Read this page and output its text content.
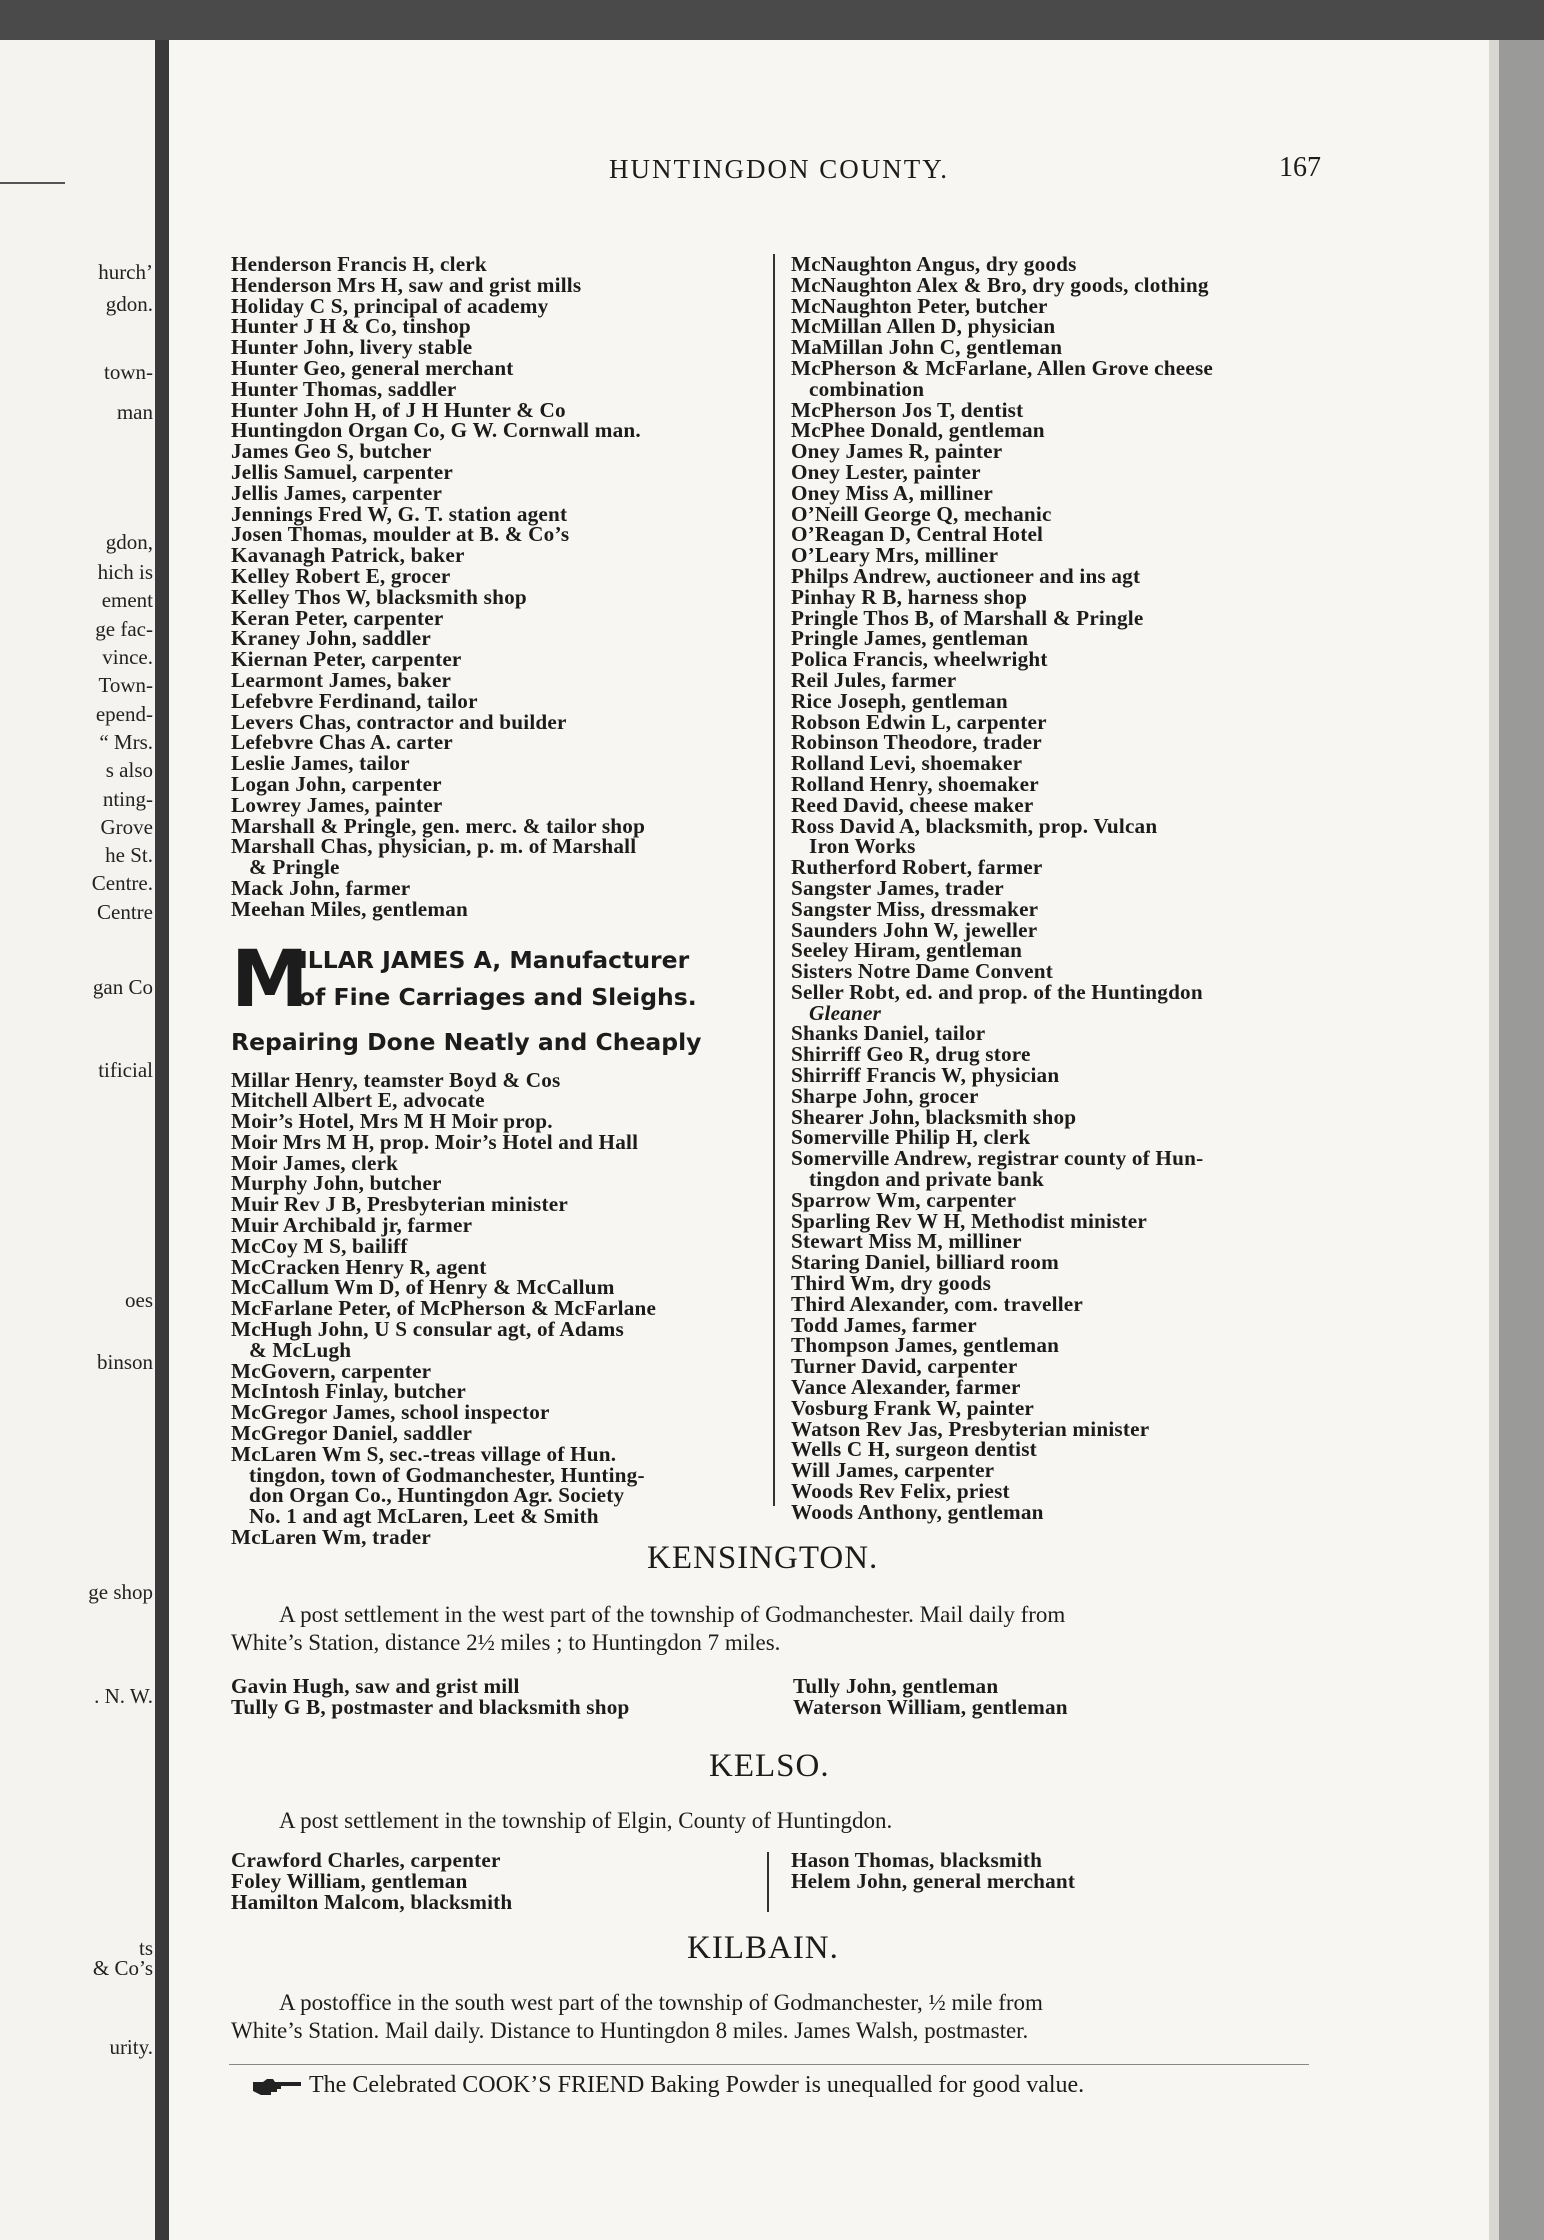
hurch’
gdon.
town-
man
gdon,
hich is
ement
ge fac-
vince.
Town-
epend-
“ Mrs.
s also
nting-
Grove
he St.
Centre.
Centre
gan Co
tificial
oes
binson
ge shop
. N. W.
ts
& Co’s
urity.
HUNTINGDON COUNTY.	167
Henderson Francis H, clerk
Henderson Mrs H, saw and grist mills
Holiday C S, principal of academy
Hunter J H & Co, tinshop
Hunter John, livery stable
Hunter Geo, general merchant
Hunter Thomas, saddler
Hunter John H, of J H Hunter & Co
Huntingdon Organ Co, G W. Cornwall man.
James Geo S, butcher
Jellis Samuel, carpenter
Jellis James, carpenter
Jennings Fred W, G. T. station agent
Josen Thomas, moulder at B. & Co’s
Kavanagh Patrick, baker
Kelley Robert E, grocer
Kelley Thos W, blacksmith shop
Keran Peter, carpenter
Kraney John, saddler
Kiernan Peter, carpenter
Learmont James, baker
Lefebvre Ferdinand, tailor
Levers Chas, contractor and builder
Lefebvre Chas A. carter
Leslie James, tailor
Logan John, carpenter
Lowrey James, painter
Marshall & Pringle, gen. merc. & tailor shop
Marshall Chas, physician, p. m. of Marshall
& Pringle
Mack John, farmer
Meehan Miles, gentleman
M
ILLAR JAMES A, Manufacturer
of Fine Carriages and Sleighs.
Repairing Done Neatly and Cheaply
Millar Henry, teamster Boyd & Cos
Mitchell Albert E, advocate
Moir’s Hotel, Mrs M H Moir prop.
Moir Mrs M H, prop. Moir’s Hotel and Hall
Moir James, clerk
Murphy John, butcher
Muir Rev J B, Presbyterian minister
Muir Archibald jr, farmer
McCoy M S, bailiff
McCracken Henry R, agent
McCallum Wm D, of Henry & McCallum
McFarlane Peter, of McPherson & McFarlane
McHugh John, U S consular agt, of Adams
& McLugh
McGovern, carpenter
McIntosh Finlay, butcher
McGregor James, school inspector
McGregor Daniel, saddler
McLaren Wm S, sec.-treas village of Hun.
tingdon, town of Godmanchester, Hunting-
don Organ Co., Huntingdon Agr. Society
No. 1 and agt McLaren, Leet & Smith
McLaren Wm, trader
McNaughton Angus, dry goods
McNaughton Alex & Bro, dry goods, clothing
McNaughton Peter, butcher
McMillan Allen D, physician
MaMillan John C, gentleman
McPherson & McFarlane, Allen Grove cheese
combination
McPherson Jos T, dentist
McPhee Donald, gentleman
Oney James R, painter
Oney Lester, painter
Oney Miss A, milliner
O’Neill George Q, mechanic
O’Reagan D, Central Hotel
O’Leary Mrs, milliner
Philps Andrew, auctioneer and ins agt
Pinhay R B, harness shop
Pringle Thos B, of Marshall & Pringle
Pringle James, gentleman
Polica Francis, wheelwright
Reil Jules, farmer
Rice Joseph, gentleman
Robson Edwin L, carpenter
Robinson Theodore, trader
Rolland Levi, shoemaker
Rolland Henry, shoemaker
Reed David, cheese maker
Ross David A, blacksmith, prop. Vulcan
Iron Works
Rutherford Robert, farmer
Sangster James, trader
Sangster Miss, dressmaker
Saunders John W, jeweller
Seeley Hiram, gentleman
Sisters Notre Dame Convent
Seller Robt, ed. and prop. of the Huntingdon
Gleaner
Shanks Daniel, tailor
Shirriff Geo R, drug store
Shirriff Francis W, physician
Sharpe John, grocer
Shearer John, blacksmith shop
Somerville Philip H, clerk
Somerville Andrew, registrar county of Hun-
tingdon and private bank
Sparrow Wm, carpenter
Sparling Rev W H, Methodist minister
Stewart Miss M, milliner
Staring Daniel, billiard room
Third Wm, dry goods
Third Alexander, com. traveller
Todd James, farmer
Thompson James, gentleman
Turner David, carpenter
Vance Alexander, farmer
Vosburg Frank W, painter
Watson Rev Jas, Presbyterian minister
Wells C H, surgeon dentist
Will James, carpenter
Woods Rev Felix, priest
Woods Anthony, gentleman
KENSINGTON.
A post settlement in the west part of the township of Godmanchester. Mail daily from
White’s Station, distance 2½ miles ; to Huntingdon 7 miles.
Gavin Hugh, saw and grist mill
Tully G B, postmaster and blacksmith shop
Tully John, gentleman
Waterson William, gentleman
KELSO.
A post settlement in the township of Elgin, County of Huntingdon.
Crawford Charles, carpenter
Foley William, gentleman
Hamilton Malcom, blacksmith
Hason Thomas, blacksmith
Helem John, general merchant
KILBAIN.
A postoffice in the south west part of the township of Godmanchester, ½ mile from
White’s Station. Mail daily. Distance to Huntingdon 8 miles. James Walsh, postmaster.
The Celebrated COOK’S FRIEND Baking Powder is unequalled for good value.
